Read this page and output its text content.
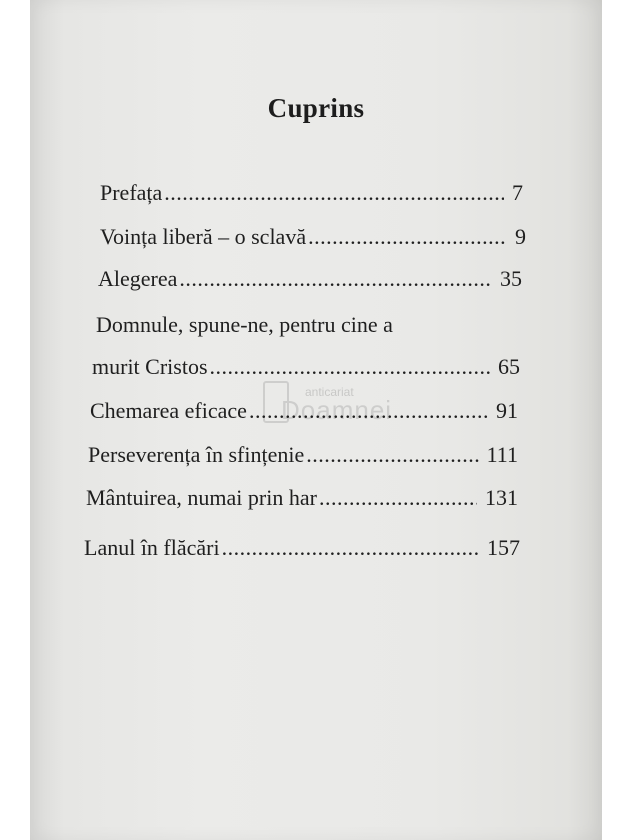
Cuprins
anticariat
Doamnei
Prefața .....	7
Voința liberă – o sclavă .....	9
Alegerea .....	35
Domnule, spune-ne, pentru cine a
murit Cristos .....	65
Chemarea eficace .....	91
Perseverența în sfințenie .....	111
Mântuirea, numai prin har .....	131
Lanul în flăcări .....	157
